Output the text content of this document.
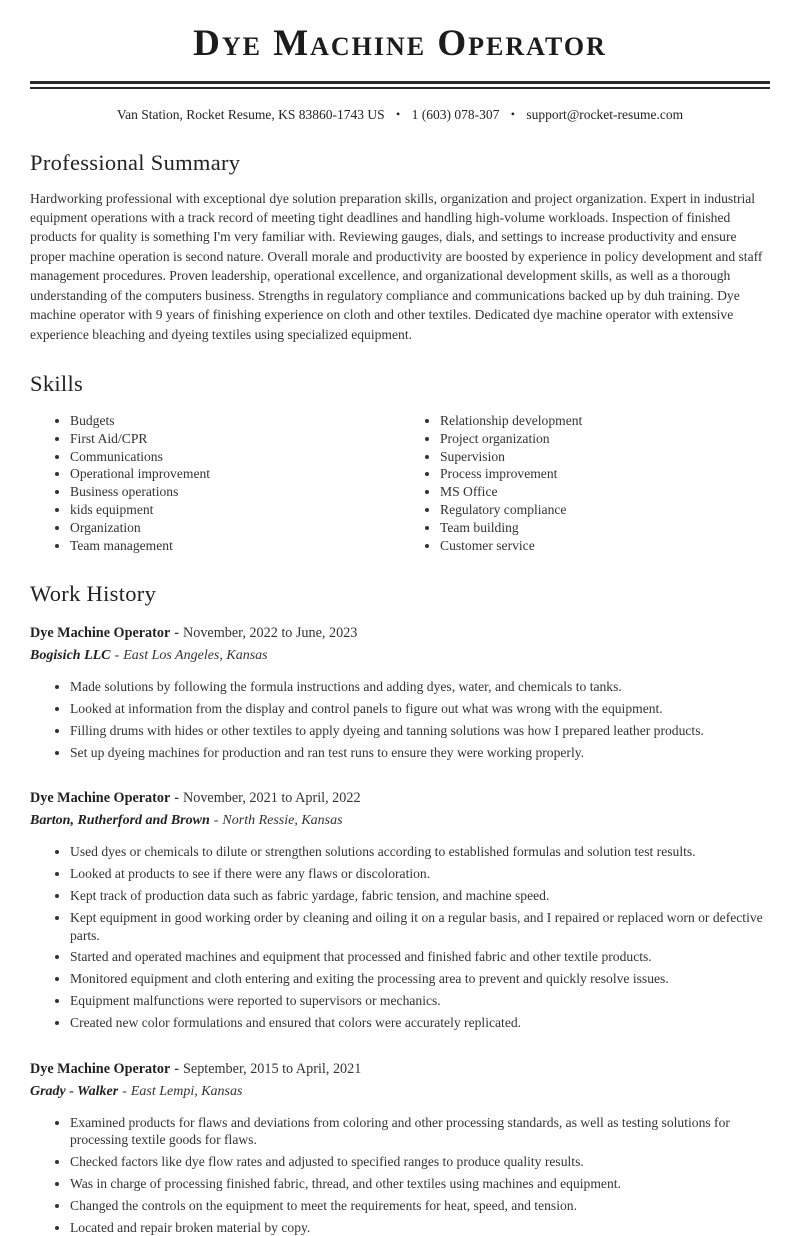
Dye Machine Operator
Van Station, Rocket Resume, KS 83860-1743 US • 1 (603) 078-307 • support@rocket-resume.com
Professional Summary

Hardworking professional with exceptional dye solution preparation skills, organization and project organization. Expert in industrial equipment operations with a track record of meeting tight deadlines and handling high-volume workloads. Inspection of finished products for quality is something I'm very familiar with. Reviewing gauges, dials, and settings to increase productivity and ensure proper machine operation is second nature. Overall morale and productivity are boosted by experience in policy development and staff management procedures. Proven leadership, operational excellence, and organizational development skills, as well as a thorough understanding of the computers business. Strengths in regulatory compliance and communications backed up by duh training. Dye machine operator with 9 years of finishing experience on cloth and other textiles. Dedicated dye machine operator with extensive experience bleaching and dyeing textiles using specialized equipment.

Skills
• Budgets
• First Aid/CPR
• Communications
• Operational improvement
• Business operations
• kids equipment
• Organization
• Team management
• Relationship development
• Project organization
• Supervision
• Process improvement
• MS Office
• Regulatory compliance
• Team building
• Customer service
Work History

Dye Machine Operator - November, 2022 to June, 2023

Bogisich LLC - East Los Angeles, Kansas

• Made solutions by following the formula instructions and adding dyes, water, and chemicals to tanks.
• Looked at information from the display and control panels to figure out what was wrong with the equipment.
• Filling drums with hides or other textiles to apply dyeing and tanning solutions was how I prepared leather products.
• Set up dyeing machines for production and ran test runs to ensure they were working properly.

Dye Machine Operator - November, 2021 to April, 2022

Barton, Rutherford and Brown - North Ressie, Kansas

• Used dyes or chemicals to dilute or strengthen solutions according to established formulas and solution test results.
• Looked at products to see if there were any flaws or discoloration.
• Kept track of production data such as fabric yardage, fabric tension, and machine speed.
• Kept equipment in good working order by cleaning and oiling it on a regular basis, and I repaired or replaced worn or defective parts.
• Started and operated machines and equipment that processed and finished fabric and other textile products.
• Monitored equipment and cloth entering and exiting the processing area to prevent and quickly resolve issues.
• Equipment malfunctions were reported to supervisors or mechanics.
• Created new color formulations and ensured that colors were accurately replicated.

Dye Machine Operator - September, 2015 to April, 2021

Grady - Walker - East Lempi, Kansas

• Examined products for flaws and deviations from coloring and other processing standards, as well as testing solutions for processing textile goods for flaws.
• Checked factors like dye flow rates and adjusted to specified ranges to produce quality results.
• Was in charge of processing finished fabric, thread, and other textiles using machines and equipment.
• Changed the controls on the equipment to meet the requirements for heat, speed, and tension.
• Located and repair broken material by copy.
